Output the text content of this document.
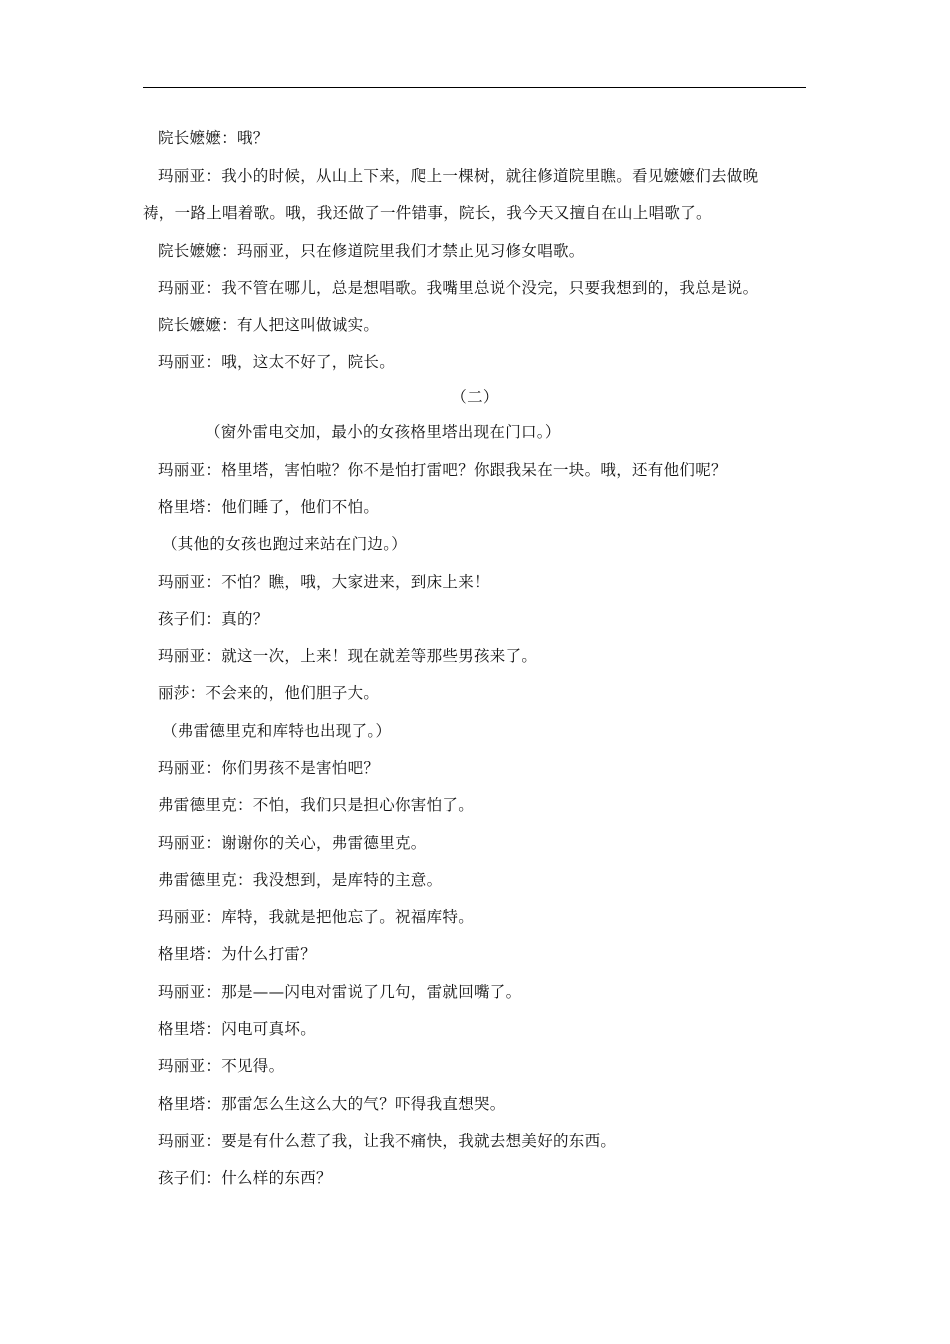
院长嬷嬷：哦？
玛丽亚：我小的时候，从山上下来，爬上一棵树，就往修道院里瞧。看见嬷嬷们去做晚
祷，一路上唱着歌。哦，我还做了一件错事，院长，我今天又擅自在山上唱歌了。
院长嬷嬷：玛丽亚，只在修道院里我们才禁止见习修女唱歌。
玛丽亚：我不管在哪儿，总是想唱歌。我嘴里总说个没完，只要我想到的，我总是说。
院长嬷嬷：有人把这叫做诚实。
玛丽亚：哦，这太不好了，院长。
（二）
（窗外雷电交加，最小的女孩格里塔出现在门口。）
玛丽亚：格里塔，害怕啦？你不是怕打雷吧？你跟我呆在一块。哦，还有他们呢？
格里塔：他们睡了，他们不怕。
（其他的女孩也跑过来站在门边。）
玛丽亚：不怕？瞧，哦，大家进来，到床上来！
孩子们：真的？
玛丽亚：就这一次，上来！现在就差等那些男孩来了。
丽莎：不会来的，他们胆子大。
（弗雷德里克和库特也出现了。）
玛丽亚：你们男孩不是害怕吧？
弗雷德里克：不怕，我们只是担心你害怕了。
玛丽亚：谢谢你的关心，弗雷德里克。
弗雷德里克：我没想到，是库特的主意。
玛丽亚：库特，我就是把他忘了。祝福库特。
格里塔：为什么打雷？
玛丽亚：那是——闪电对雷说了几句，雷就回嘴了。
格里塔：闪电可真坏。
玛丽亚：不见得。
格里塔：那雷怎么生这么大的气？吓得我直想哭。
玛丽亚：要是有什么惹了我，让我不痛快，我就去想美好的东西。
孩子们：什么样的东西？
